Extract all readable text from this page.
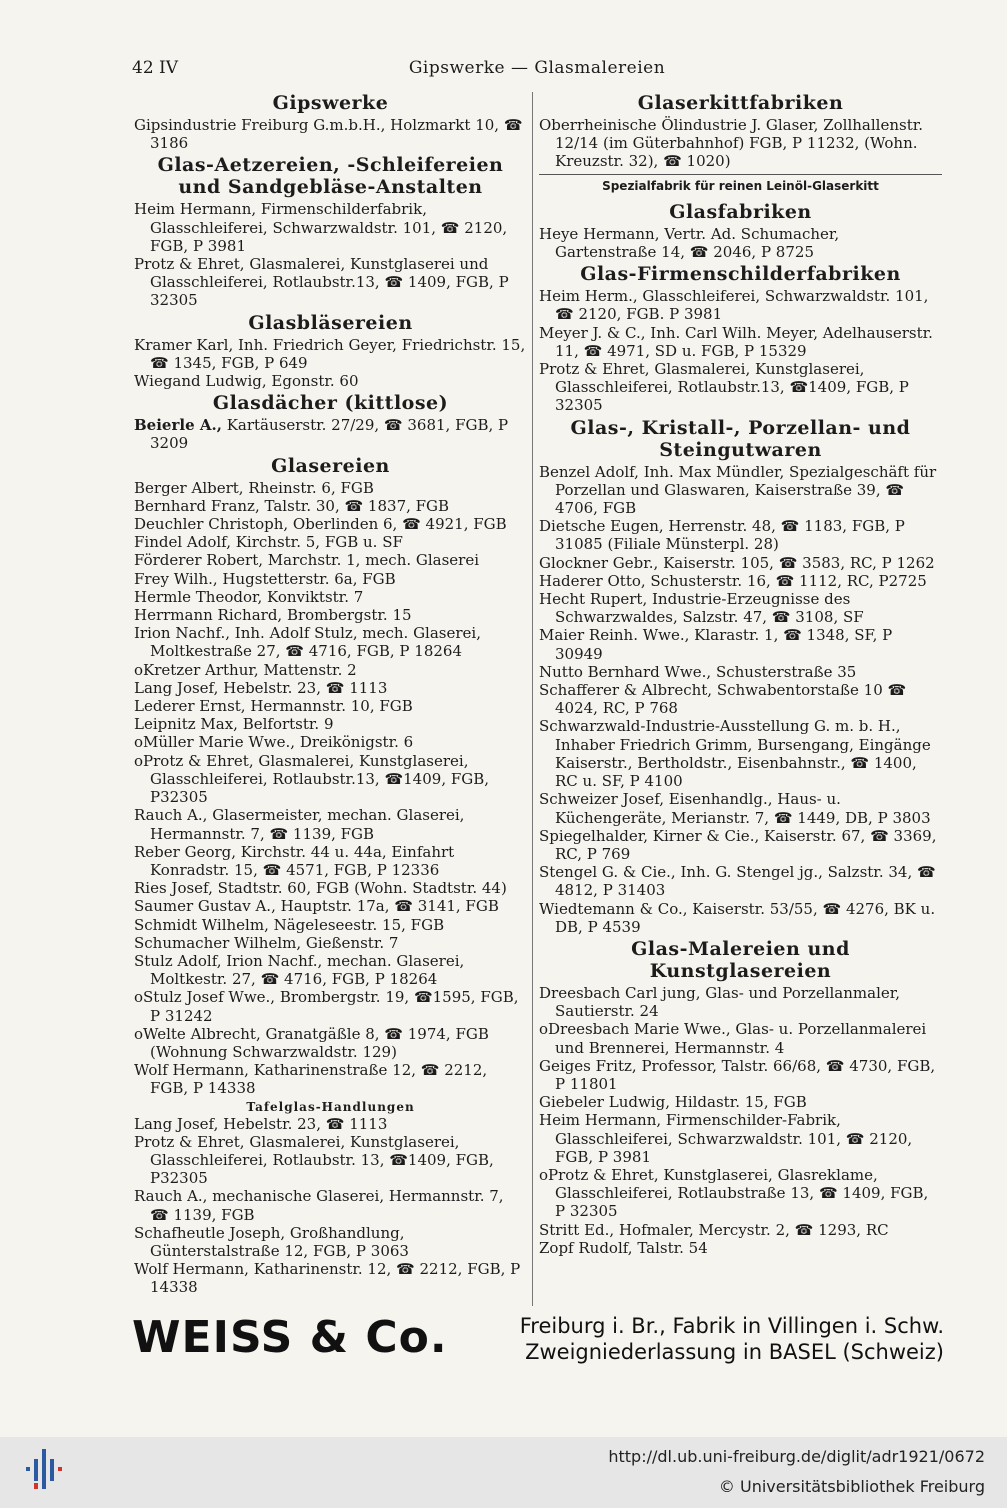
42 IV	Gipswerke — Glasmalereien
Gipswerke

Gipsindustrie Freiburg G.m.b.H., Holzmarkt 10, ☎ 3186

Glas-Aetzereien, -Schleifereien und Sandgebläse-Anstalten

Heim Hermann, Firmenschilderfabrik, Glasschleiferei, Schwarzwaldstr. 101, ☎ 2120, FGB, P 3981

Protz & Ehret, Glasmalerei, Kunstglaserei und Glasschleiferei, Rotlaubstr.13, ☎ 1409, FGB, P 32305

Glasbläsereien

Kramer Karl, Inh. Friedrich Geyer, Friedrichstr. 15, ☎ 1345, FGB, P 649

Wiegand Ludwig, Egonstr. 60

Glasdächer (kittlose)

Beierle A., Kartäuserstr. 27/29, ☎ 3681, FGB, P 3209

Glasereien

Berger Albert, Rheinstr. 6, FGB

Bernhard Franz, Talstr. 30, ☎ 1837, FGB

Deuchler Christoph, Oberlinden 6, ☎ 4921, FGB

Findel Adolf, Kirchstr. 5, FGB u. SF

Förderer Robert, Marchstr. 1, mech. Glaserei

Frey Wilh., Hugstetterstr. 6a, FGB

Hermle Theodor, Konviktstr. 7

Herrmann Richard, Brombergstr. 15

Irion Nachf., Inh. Adolf Stulz, mech. Glaserei, Moltkestraße 27, ☎ 4716, FGB, P 18264

oKretzer Arthur, Mattenstr. 2

Lang Josef, Hebelstr. 23, ☎ 1113

Lederer Ernst, Hermannstr. 10, FGB

Leipnitz Max, Belfortstr. 9

oMüller Marie Wwe., Dreikönigstr. 6

oProtz & Ehret, Glasmalerei, Kunstglaserei, Glasschleiferei, Rotlaubstr.13, ☎1409, FGB, P32305

Rauch A., Glasermeister, mechan. Glaserei, Hermannstr. 7, ☎ 1139, FGB

Reber Georg, Kirchstr. 44 u. 44a, Einfahrt Konradstr. 15, ☎ 4571, FGB, P 12336

Ries Josef, Stadtstr. 60, FGB (Wohn. Stadtstr. 44)

Saumer Gustav A., Hauptstr. 17a, ☎ 3141, FGB

Schmidt Wilhelm, Nägeleseestr. 15, FGB

Schumacher Wilhelm, Gießenstr. 7

Stulz Adolf, Irion Nachf., mechan. Glaserei, Moltkestr. 27, ☎ 4716, FGB, P 18264

oStulz Josef Wwe., Brombergstr. 19, ☎1595, FGB, P 31242

oWelte Albrecht, Granatgäßle 8, ☎ 1974, FGB (Wohnung Schwarzwaldstr. 129)

Wolf Hermann, Katharinenstraße 12, ☎ 2212, FGB, P 14338

Tafelglas-Handlungen

Lang Josef, Hebelstr. 23, ☎ 1113

Protz & Ehret, Glasmalerei, Kunstglaserei, Glasschleiferei, Rotlaubstr. 13, ☎1409, FGB, P32305

Rauch A., mechanische Glaserei, Hermannstr. 7, ☎ 1139, FGB

Schafheutle Joseph, Großhandlung, Günterstalstraße 12, FGB, P 3063

Wolf Hermann, Katharinenstr. 12, ☎ 2212, FGB, P 14338

Glaserkittfabriken

Oberrheinische Ölindustrie J. Glaser, Zollhallenstr. 12/14 (im Güterbahnhof) FGB, P 11232, (Wohn. Kreuzstr. 32), ☎ 1020)

Spezialfabrik für reinen Leinöl-Glaserkitt
Glasfabriken

Heye Hermann, Vertr. Ad. Schumacher, Gartenstraße 14, ☎ 2046, P 8725

Glas-Firmenschilderfabriken

Heim Herm., Glasschleiferei, Schwarzwaldstr. 101, ☎ 2120, FGB. P 3981

Meyer J. & C., Inh. Carl Wilh. Meyer, Adelhauserstr. 11, ☎ 4971, SD u. FGB, P 15329

Protz & Ehret, Glasmalerei, Kunstglaserei, Glasschleiferei, Rotlaubstr.13, ☎1409, FGB, P 32305

Glas-, Kristall-, Porzellan- und Steingutwaren

Benzel Adolf, Inh. Max Mündler, Spezialgeschäft für Porzellan und Glaswaren, Kaiserstraße 39, ☎ 4706, FGB

Dietsche Eugen, Herrenstr. 48, ☎ 1183, FGB, P 31085 (Filiale Münsterpl. 28)

Glockner Gebr., Kaiserstr. 105, ☎ 3583, RC, P 1262

Haderer Otto, Schusterstr. 16, ☎ 1112, RC, P2725

Hecht Rupert, Industrie-Erzeugnisse des Schwarzwaldes, Salzstr. 47, ☎ 3108, SF

Maier Reinh. Wwe., Klarastr. 1, ☎ 1348, SF, P 30949

Nutto Bernhard Wwe., Schusterstraße 35

Schafferer & Albrecht, Schwabentorstaße 10 ☎ 4024, RC, P 768

Schwarzwald-Industrie-Ausstellung G. m. b. H., Inhaber Friedrich Grimm, Bursengang, Eingänge Kaiserstr., Bertholdstr., Eisenbahnstr., ☎ 1400, RC u. SF, P 4100

Schweizer Josef, Eisenhandlg., Haus- u. Küchengeräte, Merianstr. 7, ☎ 1449, DB, P 3803

Spiegelhalder, Kirner & Cie., Kaiserstr. 67, ☎ 3369, RC, P 769

Stengel G. & Cie., Inh. G. Stengel jg., Salzstr. 34, ☎ 4812, P 31403

Wiedtemann & Co., Kaiserstr. 53/55, ☎ 4276, BK u. DB, P 4539

Glas-Malereien und Kunstglasereien

Dreesbach Carl jung, Glas- und Porzellanmaler, Sautierstr. 24

oDreesbach Marie Wwe., Glas- u. Porzellanmalerei und Brennerei, Hermannstr. 4

Geiges Fritz, Professor, Talstr. 66/68, ☎ 4730, FGB, P 11801

Giebeler Ludwig, Hildastr. 15, FGB

Heim Hermann, Firmenschilder-Fabrik, Glasschleiferei, Schwarzwaldstr. 101, ☎ 2120, FGB, P 3981

oProtz & Ehret, Kunstglaserei, Glasreklame, Glasschleiferei, Rotlaubstraße 13, ☎ 1409, FGB, P 32305

Stritt Ed., Hofmaler, Mercystr. 2, ☎ 1293, RC

Zopf Rudolf, Talstr. 54

WEISS & Co.	Freiburg i. Br., Fabrik in Villingen i. Schw.
Zweigniederlassung in BASEL (Schweiz)
http://dl.ub.uni-freiburg.de/diglit/adr1921/0672
© Universitätsbibliothek Freiburg
